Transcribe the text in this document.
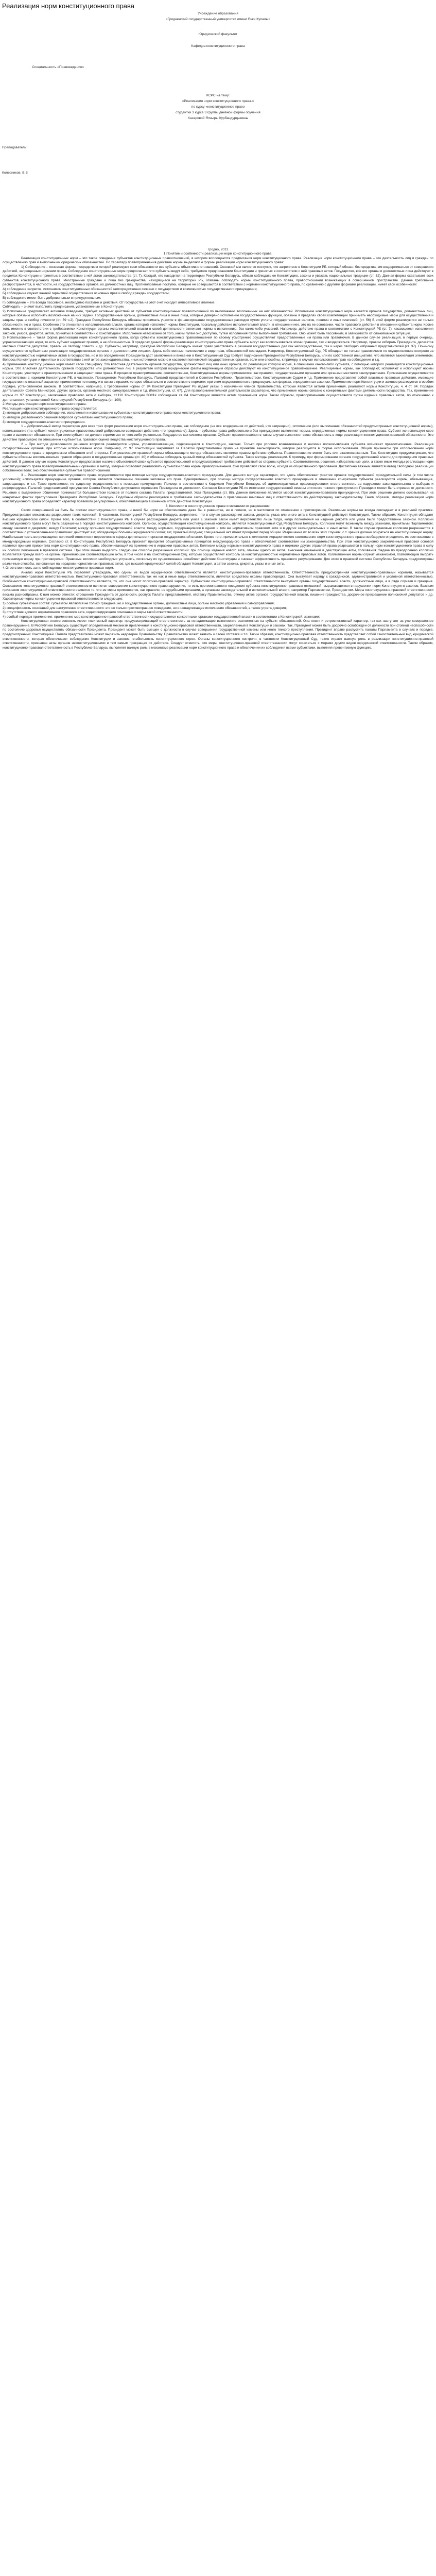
Реализация норм конституционного права
Учреждение образования
«Гродненский государственный университет имени Янки Купалы»
Юридический факультет
Кафедра конституционного права
Специальность «Правоведение»
КСРС на тему:
«Реализация норм конституционного права.»
по курсу «конституционное право
студентки 3 курса 3 группы дневной формы обучения
Хазаровой Ягмыры Курбандурдыевны
Преподаватель:
Колесников. В.В
Гродно, 2013

1.Понятие и особенности реализации норм конституционного права.

Реализация конституционных норм – это такое поведение субъектов конституционных правоотношений, в котором воплощаются предписания норм конституционного права. Реализация норм конституционного права – это деятельность лиц и граждан по осуществлению прав и выполнению юридических обязанностей. По характеру правоприменения действие нормы выделяют 4 формы реализации норм конституционного права:

1) Соблюдение – основная форма, посредством которой реализуют свои обязанности все субъекты объективно отношений. Основной мм является поступок, что закреплено в Конституции РБ, который обязан: без средства, мм воздерживаться от совершения действий, запрещенных нормами права. Соблюдение конституционных норм предполагает, что субъекты ведут себя, требуемое предписаниями Конституции и принятых в соответствии с ней правовых актов. Государство, все его органы и должностные лица действуют в пределах Конституции и принятых в соответствии с ней актов законодательства (ст. 7). Каждый, кто находится на территории Республики Беларусь, обязан соблюдать ее Конституцию, законы и уважать национальные традиции (ст. 52). Данная форма охватывает всех субъектов конституционного права. Иностранные граждане и лица без гражданства, находящиеся на территории РБ, обязаны соблюдать нормы конституционного права, правоотношений возникающих в совершенном пространстве. Данное требование распространяется, в частности, на государственных органов, их должностных лиц. Противоправные поступки, которые не совершаются в соответствии с нормами конституционного права, по сравнению с другими формами реализации, имеет свои особенности:

А) соблюдение запретов, источником конституционных обязанностей непосредственно связано с государством и возможностью государственного принуждения;

Б) соблюдение служит важной гарантией осуществления основных прав и свобод граждан государством;

В) соблюдение имеет быть добровольным и принудительным.

Г) соблюдение – это всегда пассивное, необходимо поступки и действия. От государства на этот счет исходит императивное влияние.

Соблюдать – значит выполнять предписания, установленные в Конституции.

2) Исполнение предполагает активное поведение, требует активных действий от субъектов конституционных правоотношений по выполнению возложенных на них обязанностей. Исполнение конституционных норм касается органов государства, должностных лиц, которые обязаны исполнять возложенные на них задачи. Государственные органы, должностные лица и иные лица, которые доверено исполнение государственных функций, обязаны в пределах своей компетенции принимать необходимые меры для осуществления и защиты прав и свобод личности (ст. 59 ч.2). Граждане Республики Беларусь обязаны принимать участие в финансировании государственных расходов путем уплаты государственных налогов, пошлин и иных платежей. (ст. 56) В этой форме реализуются не только обязанности, но и права. Особенно это относится к исполнительной власти, органы которой исполняют нормы Конституции, поскольку действие исполнительной власти, в отношении нее, это на ее основании, часто правового действия в отношении субъекта норм. Кроме того, именно в соответствии с требованиями Конституции органы исполнительной власти в своей деятельности включают нормы к исполнению, без каких-либо указаний. Например, действие права в соответствии с Конституцией РБ (ст. 7), касающееся исполнения законов, указов, декретов, актов, принятых в соответствии с Конституцией. Исполнение невозможно от того, каким путем оно доступно, путем исполнения путем выполнения требований. Оно может быть пассивным, в зависимости от сложившихся ситуаций.

3) Использование – такая форма реализации норм конституционного права, когда субъекты конституционных правоотношений по своему усмотрению осуществляют предоставленные им права или правомочия. В данном случае реализация, в первую очередь, управомочивающих норм, то есть субъект наделяют правом, а не обязанностью. В пределах данной формы реализации конституционного права субъекты могут как воспользоваться этими правами, так и воздержаться. Например, правом избирать Президента, делегатов местных Советов депутатов, правом на свободу совести и др. Субъекты, например, граждане Республики Беларусь имеют право участвовать в решении государственных дел как непосредственно, так и через свободно избранных представителей (ст. 37). По-иному осуществляется субъектами реализации государственных органов и должностными лицами. Здесь собственные полномочия в виде прав, обязанностей совпадают. Например, Конституционный Суд РБ обладает не только правомочием по осуществлению контроля за конституционностью нормативных актов в государстве, но и по определению Президента даст заключение и внесении в Конституционный Суд требует подписание Президентом Республики Беларусь, или по собственной инициативе, что является важнейшим элементом. Вопросы Конституции и принятых в соответствии с ней актов законодательства, иных источников можно и касаются полномочий государственных органов, если они способны, к примеру, в случае использования прав на соблюдение и т.д.

4) Применение конституционных норм имеет свою специфику. Это властная деятельность органов государства, должностных лиц или иных органов, по реализации которой норма, в отношении какого-либо субъекта, с помощью которого реализуется конституционные нормы. Это властная деятельность органов государства или должностных лиц в результате которой юридические факты надлежащим образом действуют на конституционное правоотношение. Реализуемые нормы, как соблюдают, исполняют и используют нормы Конституции, участвуют в правоприменении и защищают свои права. В процессе правоприменения, соответственно, Конституционные нормы применяются, как правило, государственными органами или органами местного самоуправления. Применение осуществляется в соответствии с нормами Конституции РБ, в частности, Президентом Республики Беларусь, Палатой представителей и Советом Республики, Правительством, Конституционным Судом и т.д. Применение представляет собой властные правовые действия, имеющие государственно-властный характер; применяется по поводу и в связи с правом, которое обязательно в соответствии с нормами; при этом осуществляется в процессуальных формах, определенных законом. Применение норм Конституции и законов реализуется в особом порядке, установленном законом. В соответствии, например, с требованием нормы ст. 84 Конституции Президент РБ издает указы о назначении членов Правительства, которые являются актами применения, реализуют нормы Конституции, ч. 4 ст. 84. Порядок деятельности Совета Министров, других органов, органов местного самоуправления и т.д. (Конституция, ст. 67). Для правоприменительной деятельности характерно, что применение нормы связано с конкретными фактами деятельности государства. Так, применение нормы ст. 97 Конституции, заключение правового акта о выборах, ст.110 Конституции ЗОНЫ соблюдения ст. 84 Конституции является актом применения норм. Таким образом, правоприменение осуществляется путем издания правовых актов, по отношению к деятельности, установленной Конституцией Республики Беларусь (ст. 100).

2.Методы реализации норм конституционного права.

Реализация норм конституционного права осуществляется:

1) методом добровольного соблюдения, исполнения и использования субъектами конституционного права норм конституционного права;

2) методом дозволенного решения вопросов субъектами конституционного права;

3) методом государственно-властного принуждения.

1 – Добровольный метод характерен для всех трех форм реализации норм конституционного права, как соблюдение (не все воздержание от действий, что запрещено), исполнение (или выполнение обязанностей предусмотренных конституционной нормы), использование (т.е. субъект конституционных правоотношений добровольно совершает действия, что предписано). Здесь – субъекты права добровольно и без принуждения выполняют нормы, определенные нормы конституционного права. Субъект же использует свое право и выполняет обязанности. При этом субъект не должен стремиться от чего-либо уклоняться. Государство как система органов. Субъект правоотношения в таком случае выполняет свою обязанность в ходе реализации конституционно-правовой обязанности. Это действие правомерно по отношению к субъектам, правовой оценке вещества конституционного права.

2 – При методе дозволенного решения вопросов реализуются нормы, управомочивающие, содержащиеся в Конституции, законах. Только при условии возникновения и наличия волеизъявления субъекта возникает правоотношение. Реализация государственных органов, при которых использование норм. Например, ст. 97 Конституции закрепляет за Палатой представителей право на принятие законопроекта, которое реализуется в форме использования. Общим признаком при использовании норм конституционного права в юридическом обязанном этой стороны. При реализации правовой нормы обязывающего метода обязанность является правом действия субъекта. Правоотношение может быть или взаимосвязанным. Так, Конституция предусматривает, что субъекты обязаны воспользоваться правом обращения в государственные органы (ст. 40) и обязаны соблюдать данный метод обязанностей субъекта. Такие методы реализации. К примеру, при формировании органов государственной власти для проведения правовых действий. В данном случае нормы Конституции предполагают наличие объективной связи субъектов правоотношений и предусматривают требование действий со стороны субъекта. Соответственно, решения, избирательные цели, а также иные методы реализации норм конституционного права правоприменительными органами и метод, который позволяет реализовать субъектам права нормы правоприменения. Они проявляют свою волю, исходя из общественного требования. Достаточно важным является метод свободной реализации собственной воли; оно обеспечивается субъектам правоотношений.

3 – Реализация норм конституционного права осуществляется при помощи метода государственно-властного принуждения. Для данного метода характерно, что здесь обеспечивает участие органов государственной принудительной силы (в том числе уголовной); используется принуждение органов, которое является основанием лишения человека его прав. Одновременно, при помощи метода государственного властного принуждения в отношении конкретного субъекта реализуются нормы, обязывающие, запрещающие и т.п. Такое применение, по существу, осуществляется с помощью принуждения. Пример: в соответствии с Кодексом Республики Беларусь об административных правонарушениях ответственность за нарушение законодательства о выборах и референдумах. Палатой представителей при участии Совета Республики допускается отрешение Президента от должности. Согласно Конституции РБ по истечении государственной измены или иного тяжкого преступления Президент может быть отрешен от должности. Решение о выдвижении обвинения принимается большинством голосов от полного состава Палаты представителей. Указ Президента (ст. 88). Данное положение является мерой конституционно-правового принуждения. При этом решение должно основываться на конкретных фактах преступления Президента Республики Беларусь. Подобным образом реализуется и требование законодательства о привлечении виновных лиц к ответственности по действующему законодательству. Таким образом, методы реализации норм конституционного права определяют характер правового регулирования, обеспечивающего в конечном итоге действие Конституции.

3. Коллизии в конституционном праве и механизм их разрешения.

Своих совершенной на быть бы систем конституционного права, и никой бы норм не обеспечивала даже бы в равенстве, ни в полном, ни в частичном по отношению к противоречию. Различные нормы не всегда совпадают и в реальной практике. Предусматривают механизмы разрешения таких коллизий. В частности, Конституцией Республики Беларусь закреплено, что в случае расхождения закона, декрета, указа или иного акта с Конституцией действует Конституция. Таким образом, Конституция обладает высшей юридической силой. Кроме того, в соответствии с Конституцией РБ в случае расхождения декрета или указа с законом закон имеет верховенство лишь тогда, когда полномочия на издание декрета или указа были предоставлены законом. Коллизии конституционного права могут быть разрешены в порядке конституционного контроля. Органом, осуществляющим конституционный контроль, является Конституционный Суд Республики Беларусь. Коллизии могут возникнуть между законами, принятыми Парламентом; между законом и декретом; между Палатами; между органами государственной власти; между нормами, содержащимися в одном и том же нормативном правовом акте и в других законодательных и иных актах. В таком случае правовые коллизии разрешаются в соответствии с установленными правилами: действует акт, обладающий большей юридической силой; акт, принятый позднее; специальный акт имеет приоритет перед общим. Разрешение их во всех этих случаях, с т. зрения должно опираться на конституционную норму. Наибольшая часть встречающихся коллизий относится к пересечению сферы деятельности органов государственной власти. Кроме того, применительно к коллизиям иерархического соотношения норм конституционного права необходимо определить их соотношение с международными нормами. Согласно ст. 8 Конституции, Республика Беларусь признает приоритет общепризнанных принципов международного права и обеспечивает соответствие им законодательства. При этом конституционно закрепленный правовой основой является принцип приоритета норм конституционного права, обеспечивающий их применение в иерархии правовых актов. Коллизии между нормами конституционного права и нормами других отраслей права разрешаются в пользу норм конституционного права в силу их особого положения в правовой системе. При этом можно выделить следующие способы разрешения коллизий: при помощи издания нового акта, отмены одного из актов, внесения изменений в действующие акты, толкования. Задача по преодолению коллизий возлагается прежде всего на органы, принимающие соответствующие акты, в том числе и на Конституционный Суд, который осуществляет контроль за конституционностью нормативных правовых актов. Коллизионные нормы служат механизмом, позволяющим выбрать применимую норму при противоречии. Правовые коллизии необходимо устранять, поскольку их существование ослабляет действие Конституции и снижает эффективность правового регулирования. Для этого в правовой системе Республики Беларусь предусмотрены различные способы, основанные на иерархии нормативных правовых актов, где высшей юридической силой обладает Конституция, а затем законы, декреты, указы и иные акты.

4.Ответственность за не соблюдение конституционно-правовых норм.

Анализ норм Конституции РБ позволяет утверждать, что одним из видов юридической ответственности является конституционно-правовая ответственность. Ответственность предусмотренная конституционно-правовыми нормами, называется конституционно-правовой ответственностью. Конституционно-правовая ответственность так же как и иные виды ответственности, является средством охраны правопорядка. Она выступает наряду с гражданской, административной и уголовной ответственностью. Особенностью конституционно-правовой ответственности является, то, что она носит политико-правовой характер. Субъектами конституционно-правовой ответственности выступают органы государственной власти, должностные лица, а в ряде случаев и граждане. Основанием конституционно-правовой ответственности является совершение конституционного правонарушения, то есть противоправного поведения субъекта конституционно-правовых отношений, выражающегося в нарушении норм Конституции и законов. Важным признаком конституционной ответственности является то, что ее меры применяются, как правило, не судебными органами, а органами законодательной и исполнительной власти, например Парламентом, Президентом. Меры конституционно-правовой ответственности весьма разнообразны. К ним можно отнести: отрешение Президента от должности, роспуск Палаты представителей, отставку Правительства, отмену актов органов государственной власти, лишение гражданства, досрочное прекращение полномочий депутатов и др. Характерные черты конституционно-правовой ответственности следующие:

1) особый субъектный состав: субъектом являются не только граждане, но и государственные органы, должностные лица, органы местного управления и самоуправления;

2) специфичность оснований для наступления ответственности: это не только противоправное поведение, но и ненадлежащее исполнение обязанностей, а также утрата доверия;

3) отсутствие единого нормативного правового акта, кодифицирующего основания и меры такой ответственности;

4) особый порядок применения: применение мер конституционно-правовой ответственности осуществляется конкретными органами государственной власти в соответствии с Конституцией, законами;

Конституционная ответственность имеет позитивный характер, предусматривающий ответственность за ненадлежащее выполнение возложенных на субъект обязанностей. Она носит и ретроспективный характер, так как наступает за уже совершенное правонарушение. В Республике Беларусь существует определенный механизм привлечения к конституционно-правовой ответственности, закрепленный в Конституции и законах. Так, Президент может быть досрочно освобожден от должности при стойкой неспособности по состоянию здоровья осуществлять обязанности Президента. Президент может быть смещен с должности в случае совершения государственной измены или иного тяжкого преступления. Президент вправе распустить палаты Парламента в случаях и порядке, предусмотренных Конституцией. Палата представителей может выразить недоверие Правительству. Правительство может заявить о своей отставке и т.п. Таким образом, конституционно-правовая ответственность представляет собой самостоятельный вид юридической ответственности, которая обеспечивает соблюдение Конституции и законов, стабильность конституционного строя. Органы конституционного контроля, в частности Конституционный Суд, также играют важную роль в реализации конституционно-правовой ответственности, признавая акты органов неконституционными и тем самым прекращая их действие. Следует отметить, что меры конституционно-правовой ответственности могут сочетаться с мерами других видов юридической ответственности. Таким образом, конституционно-правовая ответственность в Республике Беларусь выполняет важную роль в механизме реализации норм конституционного права и обеспечении их соблюдения всеми субъектами, выполняя превентивную функцию.
